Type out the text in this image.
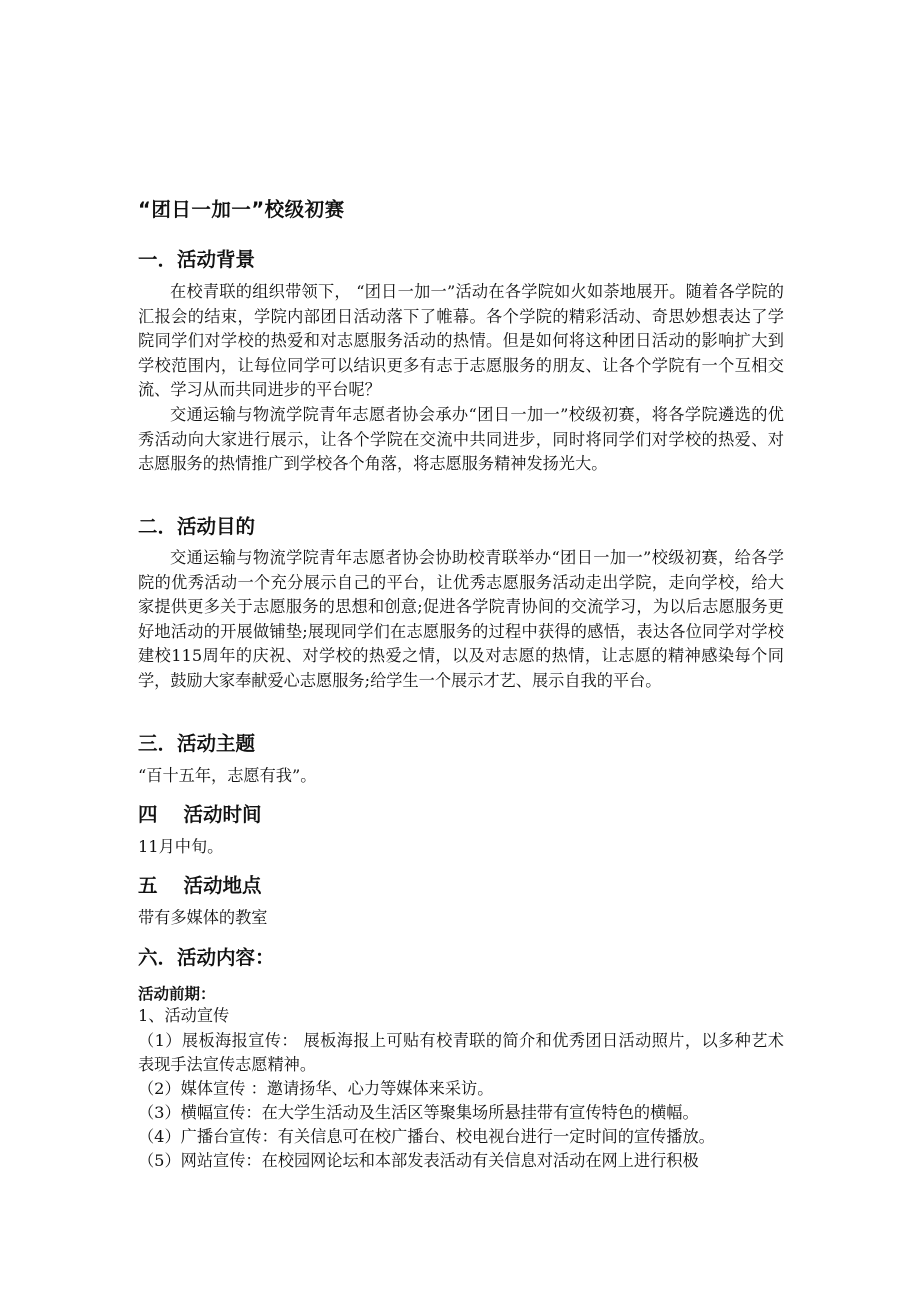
“团日一加一”校级初赛
一．活动背景
在校青联的组织带领下， “团日一加一”活动在各学院如火如荼地展开。随着各学院的汇报会的结束，学院内部团日活动落下了帷幕。各个学院的精彩活动、奇思妙想表达了学院同学们对学校的热爱和对志愿服务活动的热情。但是如何将这种团日活动的影响扩大到学校范围内，让每位同学可以结识更多有志于志愿服务的朋友、让各个学院有一个互相交流、学习从而共同进步的平台呢？
交通运输与物流学院青年志愿者协会承办“团日一加一”校级初赛，将各学院遴选的优秀活动向大家进行展示，让各个学院在交流中共同进步，同时将同学们对学校的热爱、对志愿服务的热情推广到学校各个角落，将志愿服务精神发扬光大。
二．活动目的
交通运输与物流学院青年志愿者协会协助校青联举办“团日一加一”校级初赛，给各学院的优秀活动一个充分展示自己的平台，让优秀志愿服务活动走出学院，走向学校，给大家提供更多关于志愿服务的思想和创意;促进各学院青协间的交流学习，为以后志愿服务更好地活动的开展做铺垫;展现同学们在志愿服务的过程中获得的感悟，表达各位同学对学校建校115周年的庆祝、对学校的热爱之情，以及对志愿的热情，让志愿的精神感染每个同学，鼓励大家奉献爱心志愿服务;给学生一个展示才艺、展示自我的平台。
三．活动主题
“百十五年，志愿有我”。
四 活动时间
11月中旬。
五 活动地点
带有多媒体的教室
六．活动内容：
活动前期：
1、活动宣传
（1）展板海报宣传： 展板海报上可贴有校青联的简介和优秀团日活动照片，以多种艺术表现手法宣传志愿精神。
（2）媒体宣传 ：邀请扬华、心力等媒体来采访。
（3）横幅宣传：在大学生活动及生活区等聚集场所悬挂带有宣传特色的横幅。
（4）广播台宣传：有关信息可在校广播台、校电视台进行一定时间的宣传播放。
（5）网站宣传：在校园网论坛和本部发表活动有关信息对活动在网上进行积极
